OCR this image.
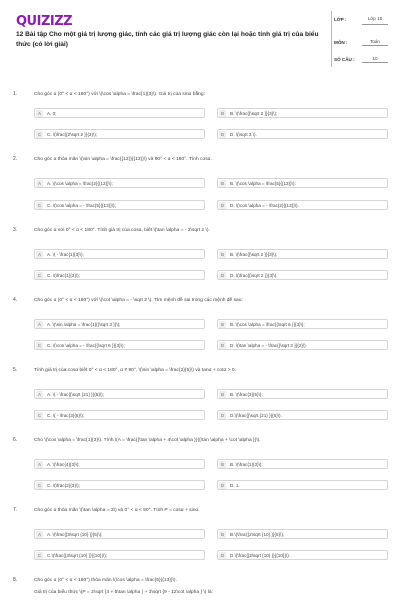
QUIZIZZ
12 Bài tập Cho một giá trị lượng giác, tính các giá trị lượng giác còn lại hoặc tính giá trị của biểu thức (có lời giải)
LỚP :	Lớp 10
MÔN :	Toán
SỐ CÂU :	10
1.	Cho góc α (0° < α < 180°) với \(\cos \alpha = \frac{1}{3}\). Giá trị của sinα bằng:
A	A. 0;	B	B. \(\frac{{\sqrt 2 }}{3}\);
C	C. \(\frac{{2\sqrt 2 }}{3}\);	D	D. \(\sqrt 3 \).
2.	Cho góc α thỏa mãn \(\sin \alpha = \frac{{12}}{{13}}\) và 90° < α < 180°. Tính cosα.
A	A. \(\cos \alpha = \frac{2}{{13}}\);	B	B. \(\cos \alpha = \frac{5}{{13}}\);
C	C. \(\cos \alpha = - \frac{5}{{13}}\);	D	D. \(\cos \alpha = - \frac{2}{{13}}\).
3.	Cho góc α với 0° < α < 180°. Tính giá trị của cosα, biết \(\tan \alpha = - 2\sqrt 2 \).
A	A. \( - \frac{1}{3}\);	B	B. \(\frac{{\sqrt 2 }}{3}\);
C	C. \(\frac{1}{3}\);	D	D. \(\frac{{\sqrt 2 }}{3}\).
4.	Cho góc α (0° < α < 180°) với \(\cot \alpha = - \sqrt 2 \). Tìm mệnh đề sai trong các mệnh đề sau:
A	A. \(\sin \alpha = \frac{1}{{\sqrt 3 }}\);	B	B. \(\cos \alpha = \frac{{\sqrt 6 }}{3}\);
C	C. \(\cos \alpha = - \frac{{\sqrt 6 }}{3}\);	D	D. \(\tan \alpha = - \frac{{\sqrt 2 }}{2}\).
5.	Tính giá trị của cosα biết 0° < α < 180°, α ≠ 90°, \(\sin \alpha = \frac{2}{5}\) và tanα + cotα > 0.
A	A. \( - \frac{{\sqrt {21} }}{5}\);	B	B. \(\frac{3}{5}\);
C	C. \( - \frac{3}{5}\);	D	D.\(\frac{{\sqrt {21} }}{5}\).
6.	Cho \(\cos \alpha = \frac{1}{3}\). Tính \(A = \frac{{\tan \alpha + 4\cot \alpha }}{{\tan \alpha + \cot \alpha }}\).
A	A. \(\frac{4}{3}\);	B	B. \(\frac{1}{3}\);
C	C. \(\frac{2}{3}\);	D	D. 1.
7.	Cho góc α thỏa mãn \(\tan \alpha = 3\) và 0° < α < 90°. Tính P = cosα + sinα.
A	A. \(\frac{{3\sqrt {10} }}{5}\);	B	B.\(\frac{{2\sqrt {10} }}{5}\);
C	C.\(\frac{{3\sqrt {10} }}{{10}}\);	D	D.\(\frac{{2\sqrt {10} }}{{10}}\).
8.	Cho góc α (0° < α < 180°) thỏa mãn \(\cos \alpha = \frac{5}{{13}}\).
Giá trị của biểu thức \(P = 2\sqrt {4 + 5\tan \alpha } + 3\sqrt {9 - 12\cot \alpha } \) là:
